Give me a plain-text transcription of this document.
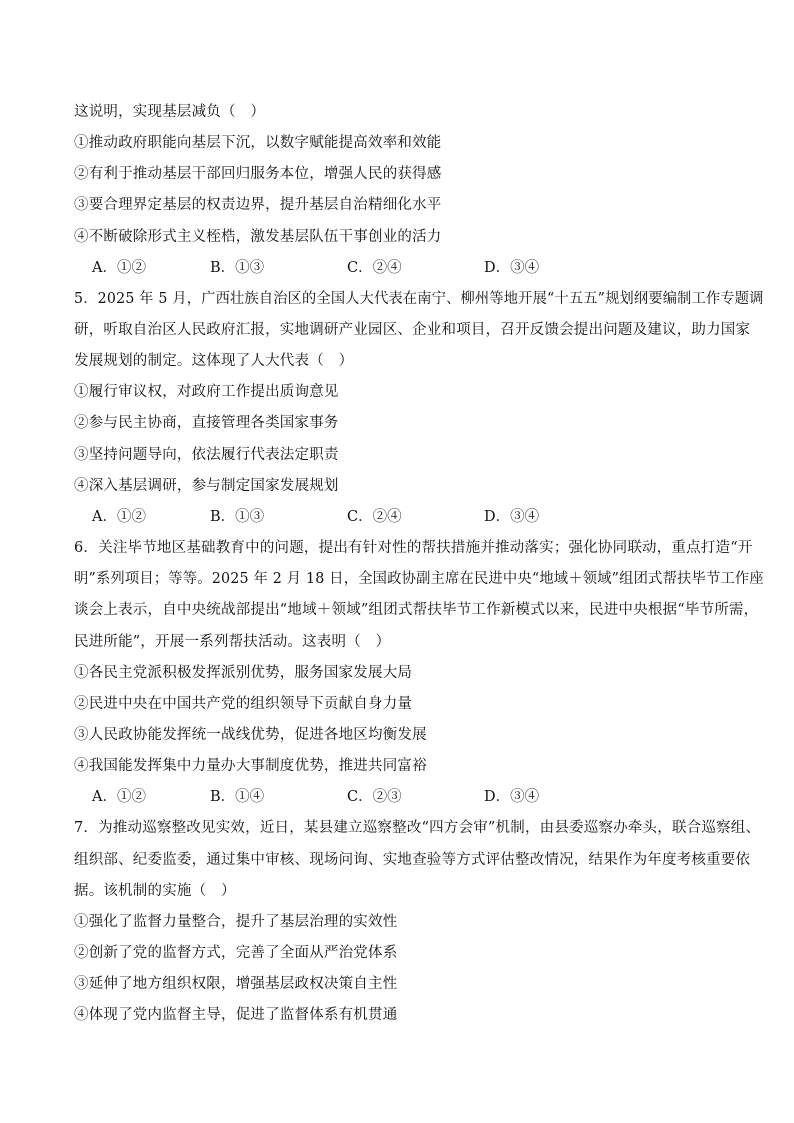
这说明，实现基层减负（　）
①推动政府职能向基层下沉，以数字赋能提高效率和效能
②有利于推动基层干部回归服务本位，增强人民的获得感
③要合理界定基层的权责边界，提升基层自治精细化水平
④不断破除形式主义桎梏，激发基层队伍干事创业的活力
A．①②	B．①③	C．②④	D．③④
5．2025 年 5 月，广西壮族自治区的全国人大代表在南宁、柳州等地开展“十五五”规划纲要编制工作专题调
研，听取自治区人民政府汇报，实地调研产业园区、企业和项目，召开反馈会提出问题及建议，助力国家
发展规划的制定。这体现了人大代表（　）
①履行审议权，对政府工作提出质询意见
②参与民主协商，直接管理各类国家事务
③坚持问题导向，依法履行代表法定职责
④深入基层调研，参与制定国家发展规划
A．①②	B．①③	C．②④	D．③④
6．关注毕节地区基础教育中的问题，提出有针对性的帮扶措施并推动落实；强化协同联动，重点打造“开
明”系列项目；等等。2025 年 2 月 18 日，全国政协副主席在民进中央“地域＋领域”组团式帮扶毕节工作座
谈会上表示，自中央统战部提出“地域＋领域”组团式帮扶毕节工作新模式以来，民进中央根据“毕节所需，
民进所能”，开展一系列帮扶活动。这表明（　）
①各民主党派积极发挥派别优势，服务国家发展大局
②民进中央在中国共产党的组织领导下贡献自身力量
③人民政协能发挥统一战线优势，促进各地区均衡发展
④我国能发挥集中力量办大事制度优势，推进共同富裕
A．①②	B．①④	C．②③	D．③④
7．为推动巡察整改见实效，近日，某县建立巡察整改“四方会审”机制，由县委巡察办牵头，联合巡察组、
组织部、纪委监委，通过集中审核、现场问询、实地查验等方式评估整改情况，结果作为年度考核重要依
据。该机制的实施（　）
①强化了监督力量整合，提升了基层治理的实效性
②创新了党的监督方式，完善了全面从严治党体系
③延伸了地方组织权限，增强基层政权决策自主性
④体现了党内监督主导，促进了监督体系有机贯通
